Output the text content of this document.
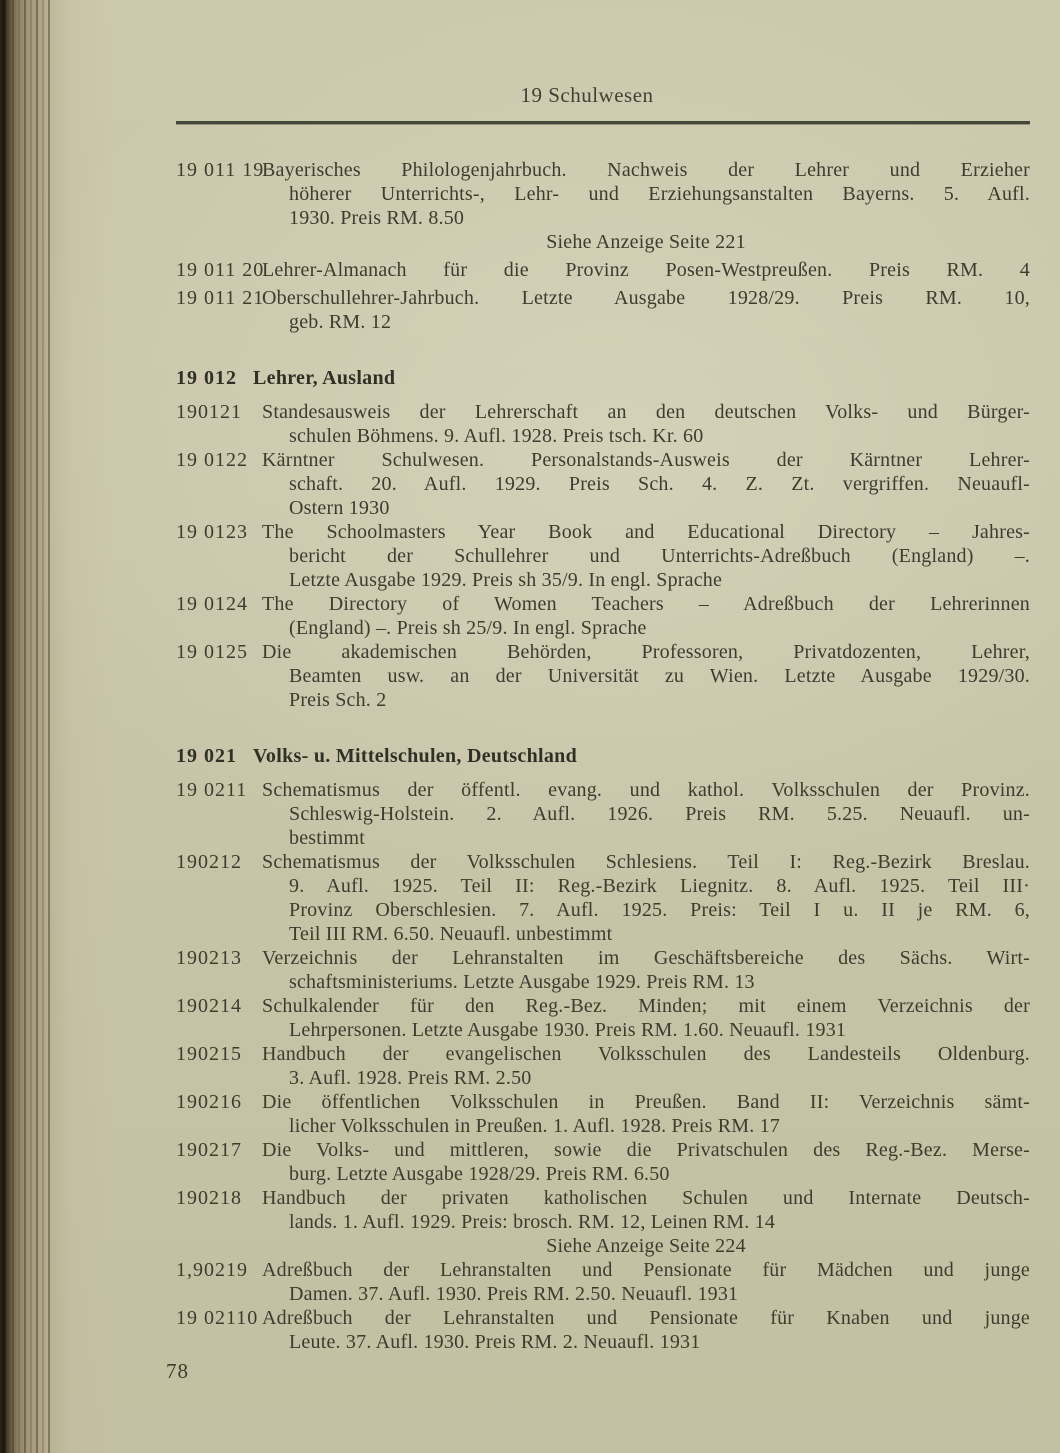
19 Schulwesen
19 011 19
Bayerisches Philologenjahrbuch. Nachweis der Lehrer und Erzieher
höherer Unterrichts-, Lehr- und Erziehungsanstalten Bayerns. 5. Aufl.
1930. Preis RM. 8.50
Siehe Anzeige Seite 221
19 011 20
Lehrer-Almanach für die Provinz Posen-Westpreußen. Preis RM. 4
19 011 21
Oberschullehrer-Jahrbuch. Letzte Ausgabe 1928/29. Preis RM. 10,
geb. RM. 12
19 012 Lehrer, Ausland
190121 Standesausweis der Lehrerschaft an den deutschen Volks- und Bürger-
schulen Böhmens. 9. Aufl. 1928. Preis tsch. Kr. 60
19 0122 Kärntner Schulwesen. Personalstands-Ausweis der Kärntner Lehrer-
schaft. 20. Aufl. 1929. Preis Sch. 4. Z. Zt. vergriffen. Neuaufl-
Ostern 1930
19 0123 The Schoolmasters Year Book and Educational Directory – Jahres-
bericht der Schullehrer und Unterrichts-Adreßbuch (England) –.
Letzte Ausgabe 1929. Preis sh 35/9. In engl. Sprache
19 0124 The Directory of Women Teachers – Adreßbuch der Lehrerinnen
(England) –. Preis sh 25/9. In engl. Sprache
19 0125 Die akademischen Behörden, Professoren, Privatdozenten, Lehrer,
Beamten usw. an der Universität zu Wien. Letzte Ausgabe 1929/30.
Preis Sch. 2
19 021 Volks- u. Mittelschulen, Deutschland
19 0211 Schematismus der öffentl. evang. und kathol. Volksschulen der Provinz.
Schleswig-Holstein. 2. Aufl. 1926. Preis RM. 5.25. Neuaufl. un-
bestimmt
190212 Schematismus der Volksschulen Schlesiens. Teil I: Reg.-Bezirk Breslau.
9. Aufl. 1925. Teil II: Reg.-Bezirk Liegnitz. 8. Aufl. 1925. Teil III·
Provinz Oberschlesien. 7. Aufl. 1925. Preis: Teil I u. II je RM. 6,
Teil III RM. 6.50. Neuaufl. unbestimmt
190213 Verzeichnis der Lehranstalten im Geschäftsbereiche des Sächs. Wirt-
schaftsministeriums. Letzte Ausgabe 1929. Preis RM. 13
190214 Schulkalender für den Reg.-Bez. Minden; mit einem Verzeichnis der
Lehrpersonen. Letzte Ausgabe 1930. Preis RM. 1.60. Neuaufl. 1931
190215 Handbuch der evangelischen Volksschulen des Landesteils Oldenburg.
3. Aufl. 1928. Preis RM. 2.50
190216 Die öffentlichen Volksschulen in Preußen. Band II: Verzeichnis sämt-
licher Volksschulen in Preußen. 1. Aufl. 1928. Preis RM. 17
190217 Die Volks- und mittleren, sowie die Privatschulen des Reg.-Bez. Merse-
burg. Letzte Ausgabe 1928/29. Preis RM. 6.50
190218 Handbuch der privaten katholischen Schulen und Internate Deutsch-
lands. 1. Aufl. 1929. Preis: brosch. RM. 12, Leinen RM. 14
Siehe Anzeige Seite 224
1,90219 Adreßbuch der Lehranstalten und Pensionate für Mädchen und junge
Damen. 37. Aufl. 1930. Preis RM. 2.50. Neuaufl. 1931
19 02110 Adreßbuch der Lehranstalten und Pensionate für Knaben und junge
Leute. 37. Aufl. 1930. Preis RM. 2. Neuaufl. 1931
78
